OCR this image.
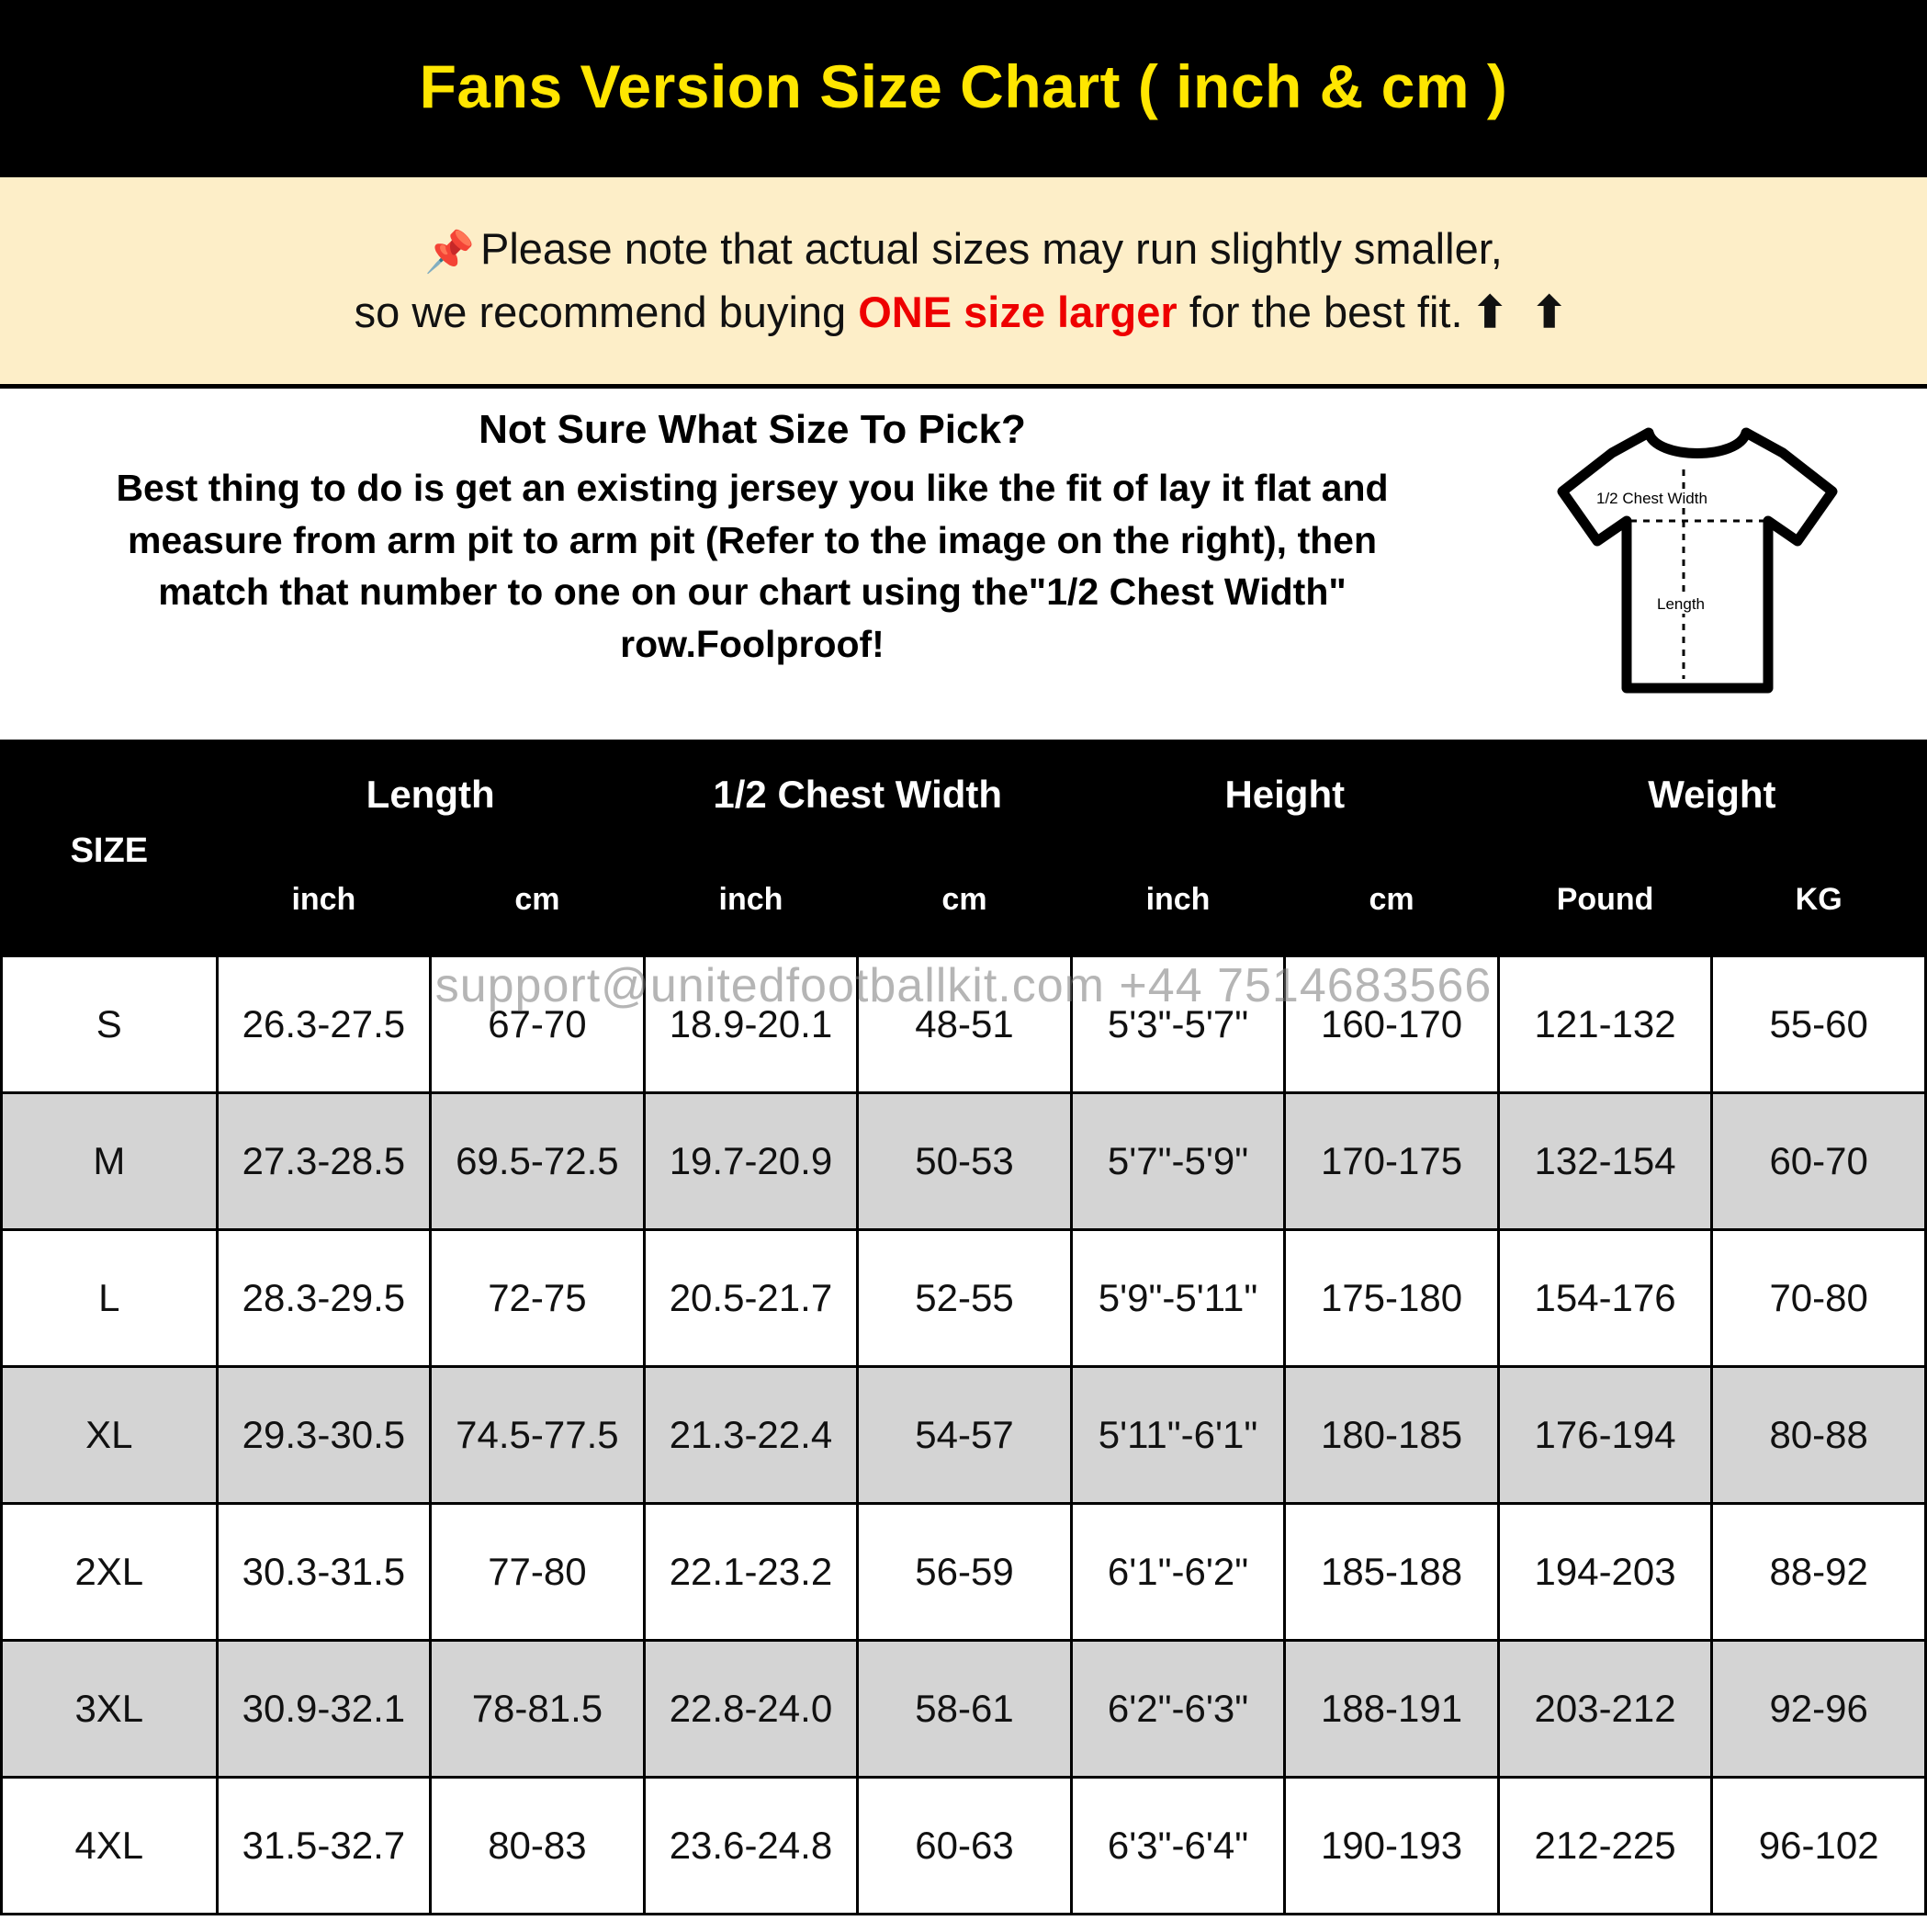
Fans Version Size Chart ( inch & cm )
📌 Please note that actual sizes may run slightly smaller,
so we recommend buying ONE size larger for the best fit. ⬆ ⬆
Not Sure What Size To Pick?
Best thing to do is get an existing jersey you like the fit of lay it flat and measure from arm pit to arm pit (Refer to the image on the right), then match that number to one on our chart using the"1/2 Chest Width" row.Foolproof!
1/2 Chest Width
Length
SIZE	Length		1/2 Chest Width		Height		Weight	
	inch	cm	inch	cm	inch	cm	Pound	KG
S	26.3-27.5	67-70	18.9-20.1	48-51	5'3"-5'7"	160-170	121-132	55-60
M	27.3-28.5	69.5-72.5	19.7-20.9	50-53	5'7"-5'9"	170-175	132-154	60-70
L	28.3-29.5	72-75	20.5-21.7	52-55	5'9"-5'11"	175-180	154-176	70-80
XL	29.3-30.5	74.5-77.5	21.3-22.4	54-57	5'11"-6'1"	180-185	176-194	80-88
2XL	30.3-31.5	77-80	22.1-23.2	56-59	6'1"-6'2"	185-188	194-203	88-92
3XL	30.9-32.1	78-81.5	22.8-24.0	58-61	6'2"-6'3"	188-191	203-212	92-96
4XL	31.5-32.7	80-83	23.6-24.8	60-63	6'3"-6'4"	190-193	212-225	96-102
support@unitedfootballkit.com +44 7514683566
